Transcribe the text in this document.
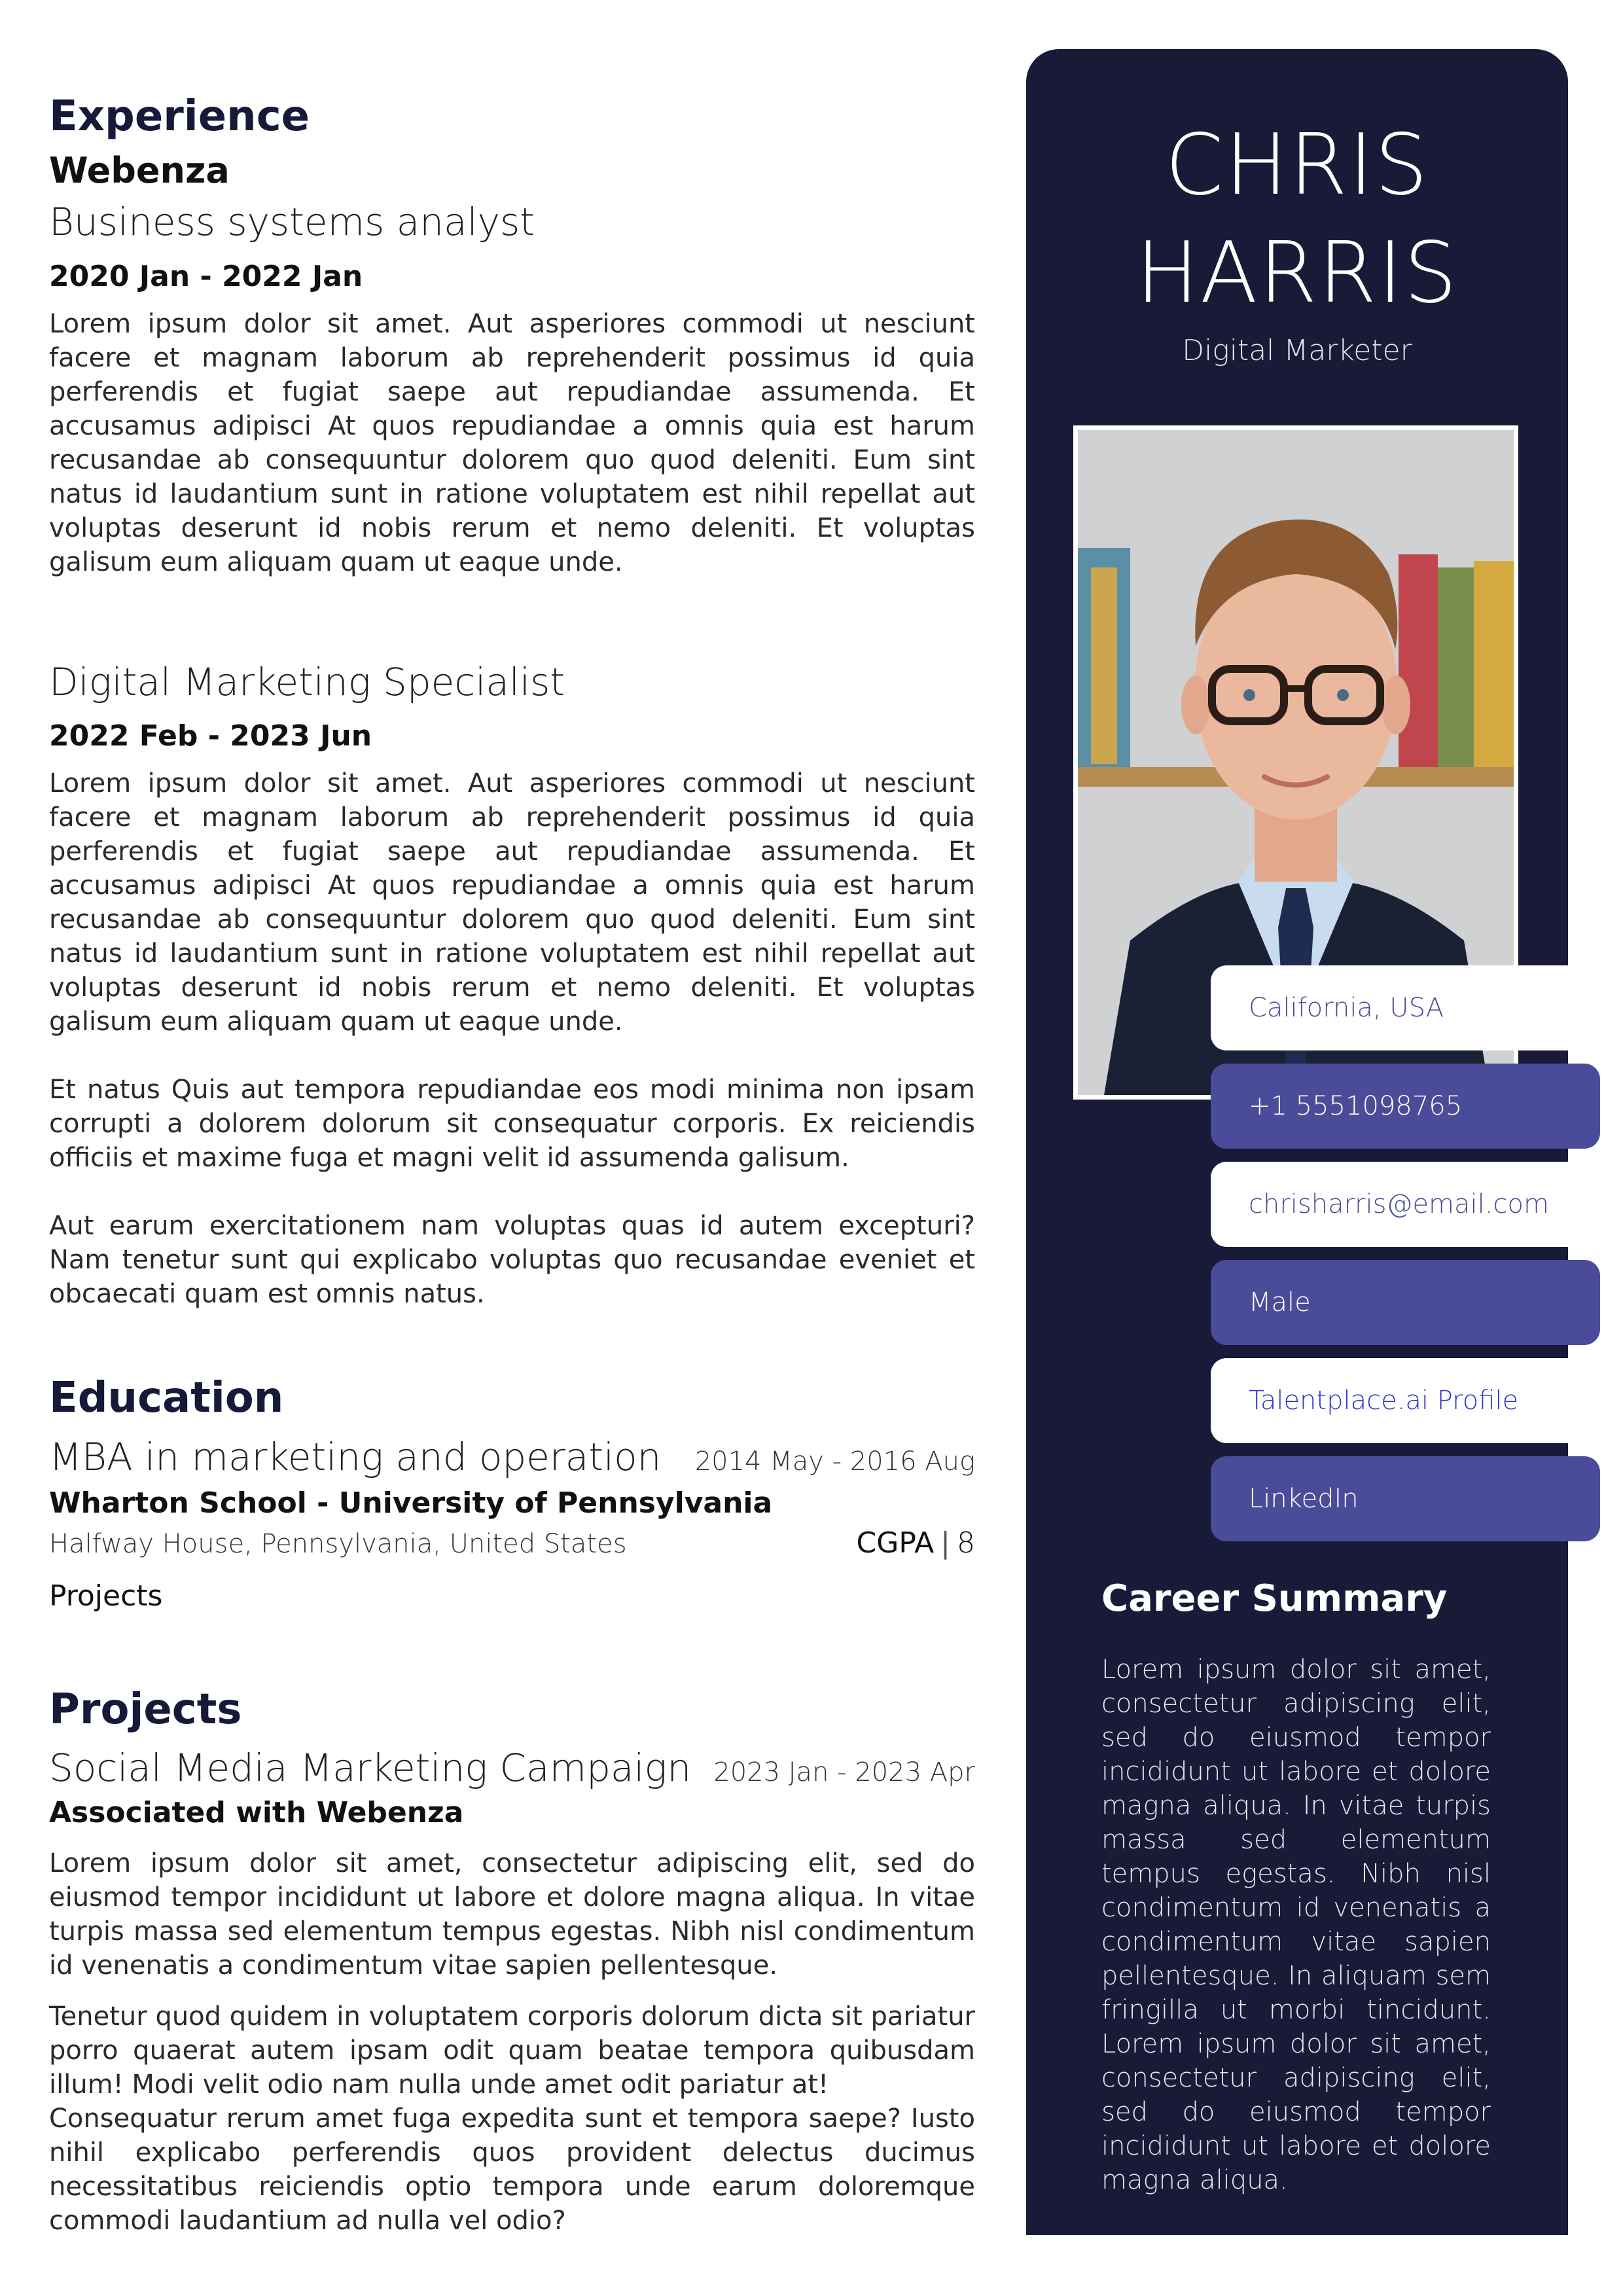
Experience
Webenza
Business systems analyst
2020 Jan - 2022 Jan

Lorem ipsum dolor sit amet. Aut asperiores commodi ut nesciunt facere et magnam laborum ab reprehenderit possimus id quia perferendis et fugiat saepe aut repudiandae assumenda. Et accusamus adipisci At quos repudiandae a omnis quia est harum recusandae ab consequuntur dolorem quo quod deleniti. Eum sint natus id laudantium sunt in ratione voluptatem est nihil repellat aut voluptas deserunt id nobis rerum et nemo deleniti. Et voluptas galisum eum aliquam quam ut eaque unde.

Digital Marketing Specialist
2022 Feb - 2023 Jun

Lorem ipsum dolor sit amet. Aut asperiores commodi ut nesciunt facere et magnam laborum ab reprehenderit possimus id quia perferendis et fugiat saepe aut repudiandae assumenda. Et accusamus adipisci At quos repudiandae a omnis quia est harum recusandae ab consequuntur dolorem quo quod deleniti. Eum sint natus id laudantium sunt in ratione voluptatem est nihil repellat aut voluptas deserunt id nobis rerum et nemo deleniti. Et voluptas galisum eum aliquam quam ut eaque unde.

Et natus Quis aut tempora repudiandae eos modi minima non ipsam corrupti a dolorem dolorum sit consequatur corporis. Ex reiciendis officiis et maxime fuga et magni velit id assumenda galisum.

Aut earum exercitationem nam voluptas quas id autem excepturi? Nam tenetur sunt qui explicabo voluptas quo recusandae eveniet et obcaecati quam est omnis natus.

Education
MBA in marketing and operation 2014 May - 2016 Aug
Wharton School - University of Pennsylvania
Halfway House, Pennsylvania, United States	CGPA | 8
Projects
Projects
Social Media Marketing Campaign 2023 Jan - 2023 Apr
Associated with Webenza

Lorem ipsum dolor sit amet, consectetur adipiscing elit, sed do eiusmod tempor incididunt ut labore et dolore magna aliqua. In vitae turpis massa sed elementum tempus egestas. Nibh nisl condimentum id venenatis a condimentum vitae sapien pellentesque.

Tenetur quod quidem in voluptatem corporis dolorum dicta sit pariatur porro quaerat autem ipsam odit quam beatae tempora quibusdam illum! Modi velit odio nam nulla unde amet odit pariatur at!

Consequatur rerum amet fuga expedita sunt et tempora saepe? Iusto nihil explicabo perferendis quos provident delectus ducimus necessitatibus reiciendis optio tempora unde earum doloremque commodi laudantium ad nulla vel odio?

CHRIS
HARRIS
Digital Marketer
California, USA
+1 5551098765
chrisharris@email.com
Male
Talentplace.ai Profile
LinkedIn
Career Summary
Lorem ipsum dolor sit amet, consectetur adipiscing elit, sed do eiusmod tempor incididunt ut labore et dolore magna aliqua. In vitae turpis massa sed elementum tempus egestas. Nibh nisl condimentum id venenatis a condimentum vitae sapien pellentesque. In aliquam sem fringilla ut morbi tincidunt. Lorem ipsum dolor sit amet, consectetur adipiscing elit, sed do eiusmod tempor incididunt ut labore et dolore magna aliqua.
